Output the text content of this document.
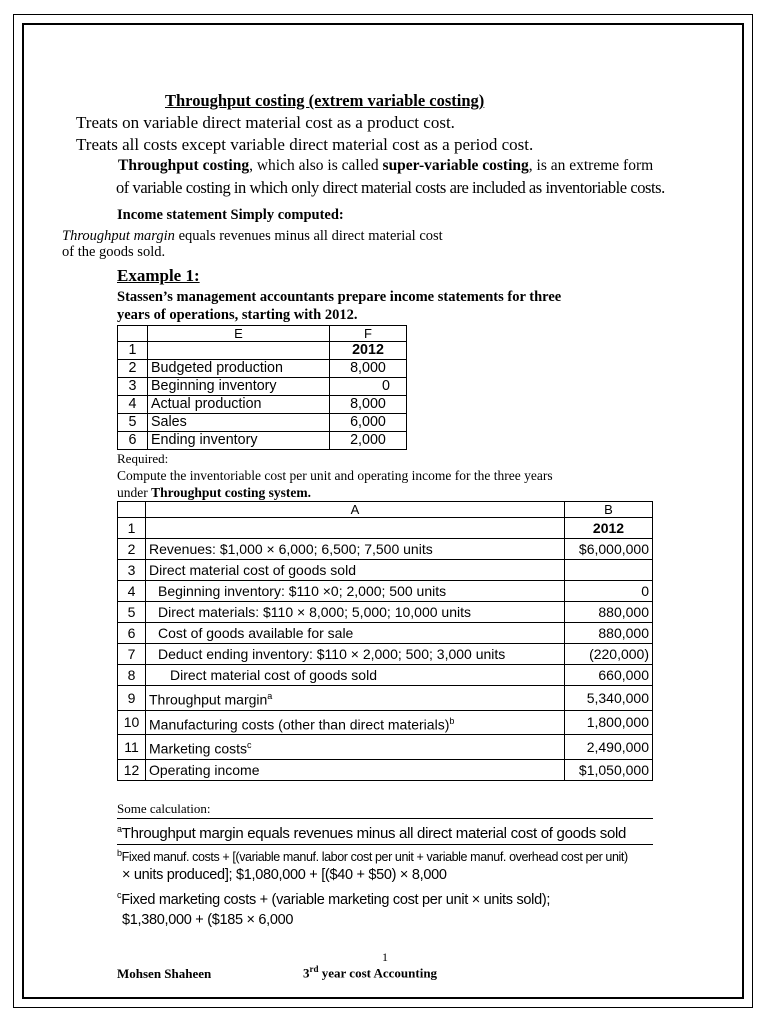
Throughput costing (extrem variable costing)
Treats on variable direct material cost as a product cost.
Treats all costs except variable direct material cost as a period cost.
Throughput costing, which also is called super-variable costing, is an extreme form
of variable costing in which only direct material costs are included as inventoriable costs.
Income statement Simply computed:
Throughput margin equals revenues minus all direct material cost
of the goods sold.
Example 1:
Stassen’s management accountants prepare income statements for three
years of operations, starting with 2012.
	E	F
1		2012
2	Budgeted production	8,000
3	Beginning inventory	0
4	Actual production	8,000
5	Sales	6,000
6	Ending inventory	2,000
Required:
Compute the inventoriable cost per unit and operating income for the three years
under Throughput costing system.
	A	B
1		2012
2	Revenues: $1,000 × 6,000; 6,500; 7,500 units	$6,000,000
3	Direct material cost of goods sold	
4	Beginning inventory: $110 ×0; 2,000; 500 units	0
5	Direct materials: $110 × 8,000; 5,000; 10,000 units	880,000
6	Cost of goods available for sale	880,000
7	Deduct ending inventory: $110 × 2,000; 500; 3,000 units	(220,000)
8	Direct material cost of goods sold	660,000
9	Throughput margin$^a$	5,340,000
10	Manufacturing costs (other than direct materials)$^b$	1,800,000
11	Marketing costs$^c$	2,490,000
12	Operating income	$1,050,000
Some calculation:
$^a$Throughput margin equals revenues minus all direct material cost of goods sold
$^b$Fixed manuf. costs + [(variable manuf. labor cost per unit + variable manuf. overhead cost per unit)
× units produced]; $1,080,000 + [($40 + $50) × 8,000
$^c$Fixed marketing costs + (variable marketing cost per unit × units sold);
$1,380,000 + ($185 × 6,000
1
Mohsen Shaheen	3rd year cost Accounting
